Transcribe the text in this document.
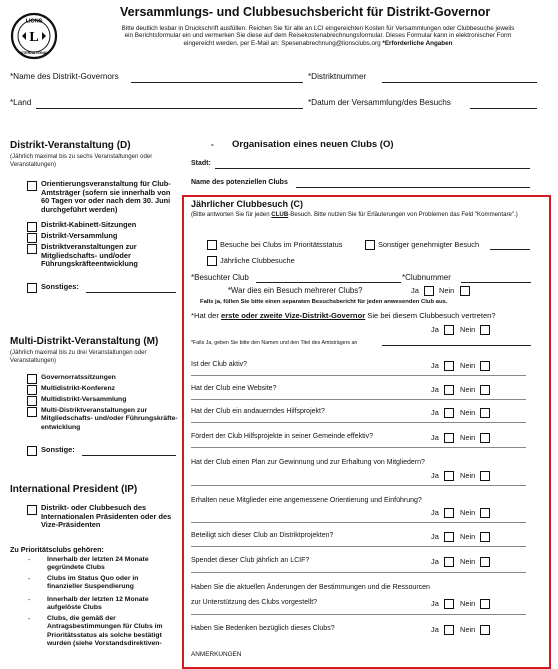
LIONS
INTERNATIONAL
L
Versammlungs- und Clubbesuchsbericht für Distrikt-Governor
Bitte deutlich lesbar in Druckschrift ausfüllen. Reichen Sie für alle an LCI eingereichten Kosten für Versammlungen oder Clubbesuche jeweils
ein Berichtsformular ein und vermerken Sie diese auf dem Reisekostenabrechnungsformular. Dieses Formular kann in elektronischer Form
eingereicht werden, per E-Mail an: Spesenabrechnung@lionsclubs.org *Erforderliche Angaben
*Name des Distrikt-Governors	*Distriktnummer
*Land	*Datum der Versammlung/des Besuchs
Distrikt-Veranstaltung (D)
(Jährlich maximal bis zu sechs Veranstaltungen oder Veranstaltungen)
Orientierungsveranstaltung für Club-Amtsträger (sofern sie innerhalb von 60 Tagen vor oder nach dem 30. Juni durchgeführt werden)
Distrikt-Kabinett-Sitzungen
Distrikt-Versammlung
Distriktveranstaltungen zur Mitgliedschafts- und/oder Führungskräfteentwicklung
Sonstiges:
Multi-Distrikt-Veranstaltung (M)
(Jährlich maximal bis zu drei Veranstaltungen oder Veranstaltungen)
Governorratssitzungen
Multidistrikt-Konferenz
Multidistrikt-Versammlung
Multi-Distriktveranstaltungen zur Mitgliedschafts- und/oder Führungskräfte-entwicklung
Sonstige:
International President (IP)
Distrikt- oder Clubbesuch des Internationalen Präsidenten oder des Vize-Präsidenten
Zu Prioritätsclubs gehören:
- Innerhalb der letzten 24 Monate gegründete Clubs
- Clubs im Status Quo oder in finanzieller Suspendierung
- Innerhalb der letzten 12 Monate aufgelöste Clubs
- Clubs, die gemäß der Antragsbestimmungen für Clubs im Prioritätsstatus als solche bestätigt wurden (siehe Vorstandsdirektiven-
- Organisation eines neuen Clubs (O)
Stadt:
Name des potenziellen Clubs
Jährlicher Clubbesuch (C)
(Bitte antworten Sie für jeden CLUB-Besuch. Bitte nutzen Sie für Erläuterungen von Problemen das Feld "Kommentare".)
Besuche bei Clubs im Prioritätsstatus	Sonstiger genehmigter Besuch
Jährliche Clubbesuche
*Besuchter Club	*Clubnummer
*War dies ein Besuch mehrerer Clubs?	Ja	Nein
Falls ja, füllen Sie bitte einen separaten Besuchsbericht für jeden anwesenden Club aus.
*Hat der erste oder zweite Vize-Distrikt-Governor Sie bei diesem Clubbesuch vertreten?
Ja	Nein
*Falls Ja, geben Sie bitte den Namen und den Titel des Amtsträgers an
Ist der Club aktiv?	Ja	Nein
Hat der Club eine Website?	Ja	Nein
Hat der Club ein andauerndes Hilfsprojekt?	Ja	Nein
Fördert der Club Hilfsprojekte in seiner Gemeinde effektiv?	Ja	Nein
Hat der Club einen Plan zur Gewinnung und zur Erhaltung von Mitgliedern?
Ja	Nein
Erhalten neue Mitglieder eine angemessene Orientierung und Einführung?
Ja	Nein
Beteiligt sich dieser Club an Distriktprojekten?	Ja	Nein
Spendet dieser Club jährlich an LCIF?	Ja	Nein
Haben Sie die aktuellen Änderungen der Bestimmungen und die Ressourcen
zur Unterstützung des Clubs vorgestellt?	Ja	Nein
Haben Sie Bedenken bezüglich dieses Clubs?	Ja	Nein
ANMERKUNGEN
